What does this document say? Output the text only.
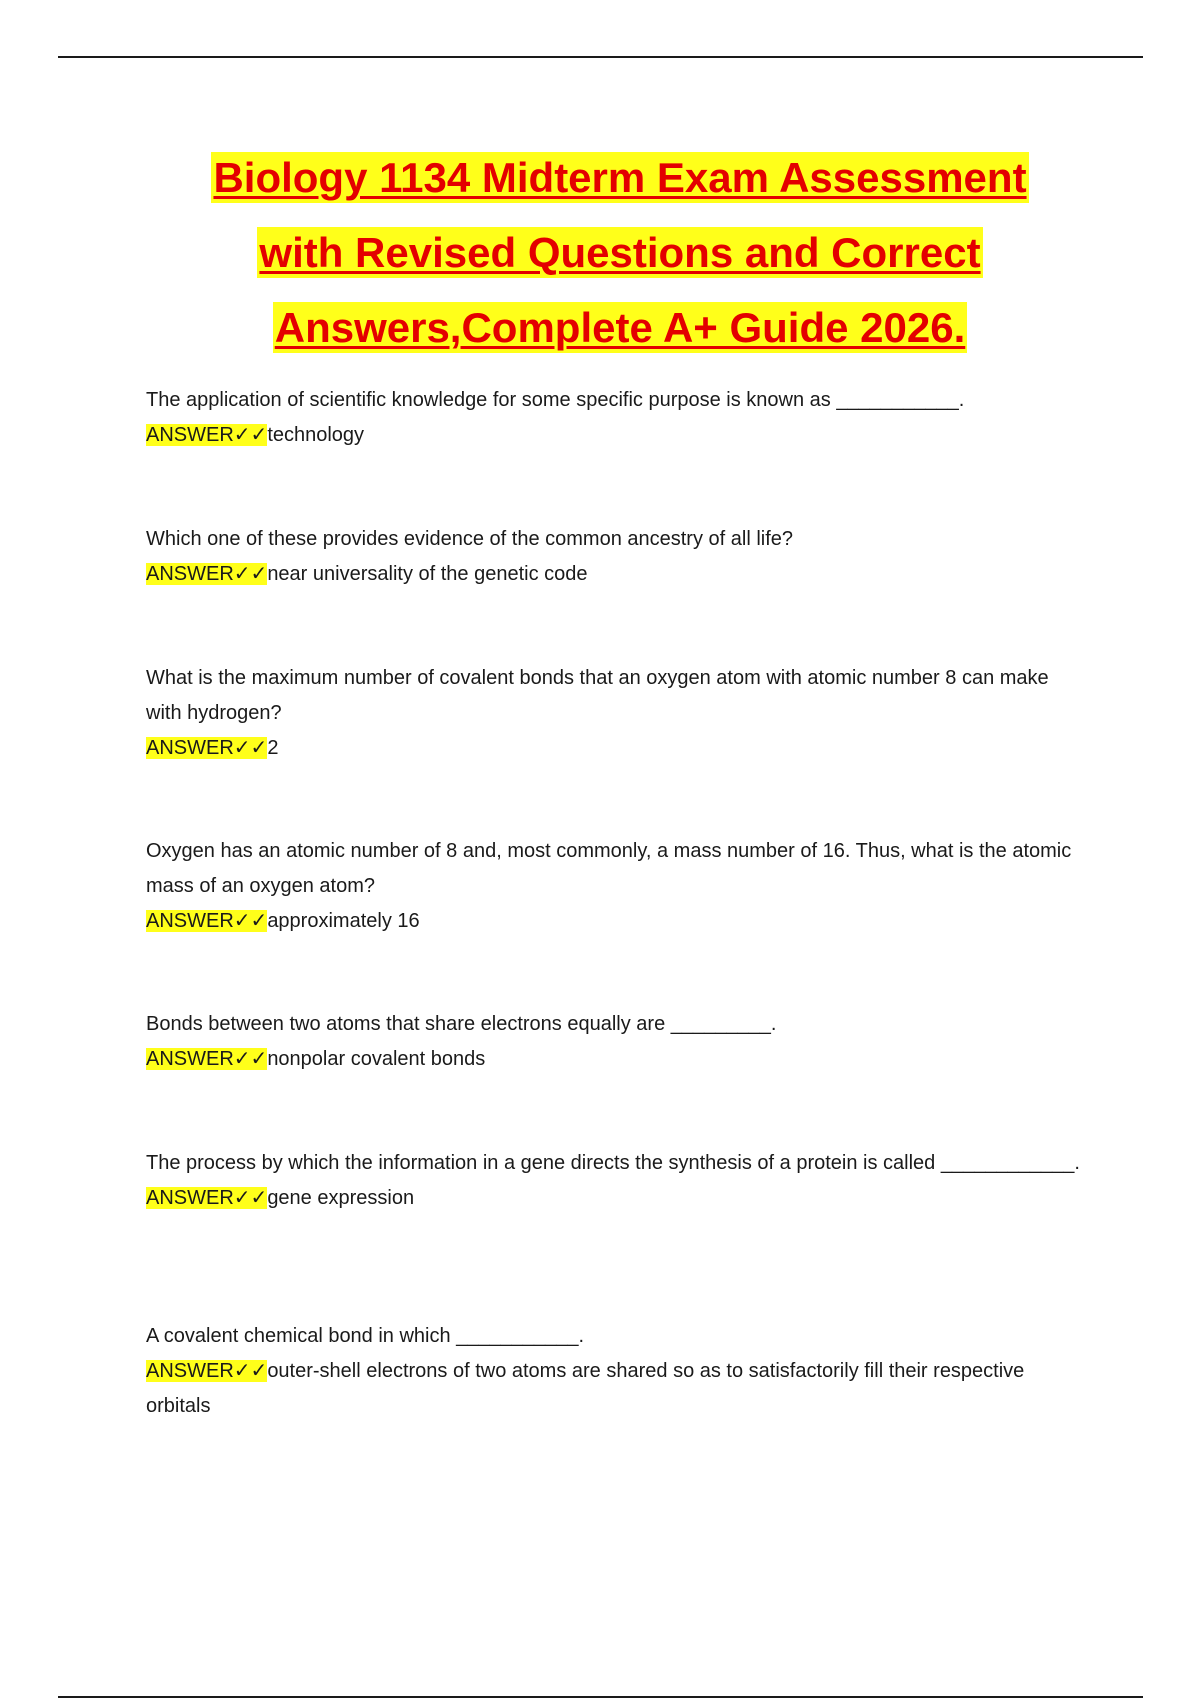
Biology 1134 Midterm Exam Assessment
with Revised Questions and Correct
Answers,Complete A+ Guide 2026.
The application of scientific knowledge for some specific purpose is known as ___________.
ANSWER✓✓technology
Which one of these provides evidence of the common ancestry of all life?
ANSWER✓✓near universality of the genetic code
What is the maximum number of covalent bonds that an oxygen atom with atomic number 8 can make with hydrogen?
ANSWER✓✓2
Oxygen has an atomic number of 8 and, most commonly, a mass number of 16. Thus, what is the atomic mass of an oxygen atom?
ANSWER✓✓approximately 16
Bonds between two atoms that share electrons equally are _________.
ANSWER✓✓nonpolar covalent bonds
The process by which the information in a gene directs the synthesis of a protein is called ____________.
ANSWER✓✓gene expression
A covalent chemical bond in which ___________.
ANSWER✓✓outer-shell electrons of two atoms are shared so as to satisfactorily fill their respective orbitals
